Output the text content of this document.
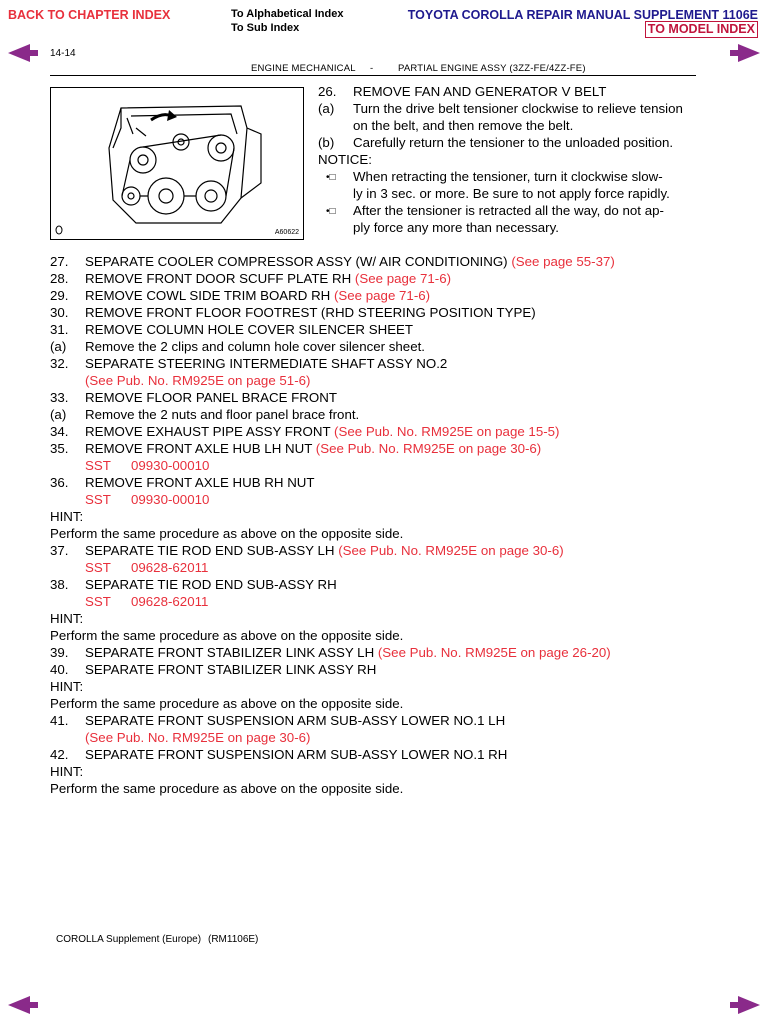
BACK TO CHAPTER INDEX	To Alphabetical Index
To Sub Index
TOYOTA COROLLA REPAIR MANUAL SUPPLEMENT 1106E
TO MODEL INDEX
14-14
ENGINE MECHANICAL -	PARTIAL ENGINE ASSY (3ZZ-FE/4ZZ-FE)
A60622
26. REMOVE FAN AND GENERATOR V BELT
(a) Turn the drive belt tensioner clockwise to relieve tension
on the belt, and then remove the belt.
(b) Carefully return the tensioner to the unloaded position.
NOTICE:
•□ When retracting the tensioner, turn it clockwise slow-
ly in 3 sec. or more. Be sure to not apply force rapidly.
•□ After the tensioner is retracted all the way, do not ap-
ply force any more than necessary.
27. SEPARATE COOLER COMPRESSOR ASSY (W/ AIR CONDITIONING) (See page 55-37)
28. REMOVE FRONT DOOR SCUFF PLATE RH (See page 71-6)
29. REMOVE COWL SIDE TRIM BOARD RH (See page 71-6)
30. REMOVE FRONT FLOOR FOOTREST (RHD STEERING POSITION TYPE)
31. REMOVE COLUMN HOLE COVER SILENCER SHEET
(a) Remove the 2 clips and column hole cover silencer sheet.
32. SEPARATE STEERING INTERMEDIATE SHAFT ASSY NO.2
(See Pub. No. RM925E on page 51-6)
33. REMOVE FLOOR PANEL BRACE FRONT
(a) Remove the 2 nuts and floor panel brace front.
34. REMOVE EXHAUST PIPE ASSY FRONT (See Pub. No. RM925E on page 15-5)
35. REMOVE FRONT AXLE HUB LH NUT (See Pub. No. RM925E on page 30-6)
SST 09930-00010
36. REMOVE FRONT AXLE HUB RH NUT
SST 09930-00010
HINT:
Perform the same procedure as above on the opposite side.
37. SEPARATE TIE ROD END SUB-ASSY LH (See Pub. No. RM925E on page 30-6)
SST 09628-62011
38. SEPARATE TIE ROD END SUB-ASSY RH
SST 09628-62011
HINT:
Perform the same procedure as above on the opposite side.
39. SEPARATE FRONT STABILIZER LINK ASSY LH (See Pub. No. RM925E on page 26-20)
40. SEPARATE FRONT STABILIZER LINK ASSY RH
HINT:
Perform the same procedure as above on the opposite side.
41. SEPARATE FRONT SUSPENSION ARM SUB-ASSY LOWER NO.1 LH
(See Pub. No. RM925E on page 30-6)
42. SEPARATE FRONT SUSPENSION ARM SUB-ASSY LOWER NO.1 RH
HINT:
Perform the same procedure as above on the opposite side.
COROLLA Supplement (Europe) (RM1106E)
